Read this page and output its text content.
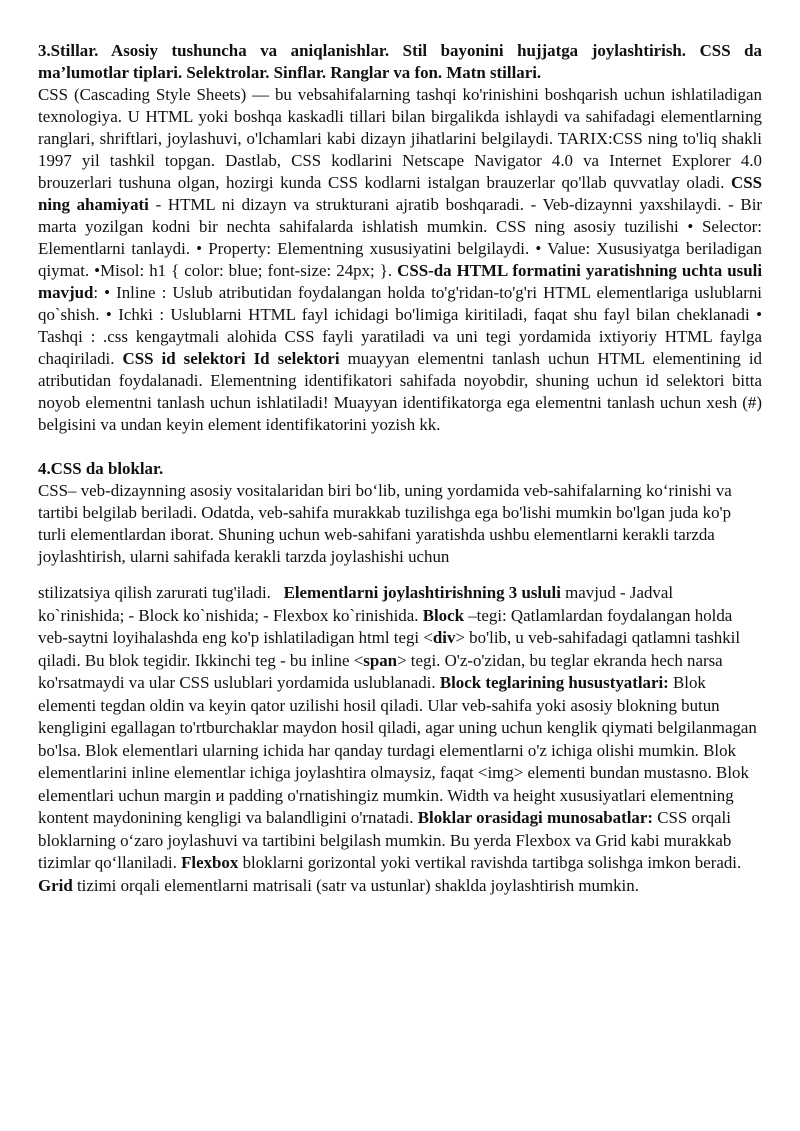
3.Stillar. Asosiy tushuncha va aniqlanishlar. Stil bayonini hujjatga joylashtirish. CSS da ma’lumotlar tiplari. Selektrolar. Sinflar. Ranglar va fon. Matn stillari.

CSS (Cascading Style Sheets) — bu vebsahifalarning tashqi ko'rinishini boshqarish uchun ishlatiladigan texnologiya. U HTML yoki boshqa kaskadli tillari bilan birgalikda ishlaydi va sahifadagi elementlarning ranglari, shriftlari, joylashuvi, o'lchamlari kabi dizayn jihatlarini belgilaydi. TARIX:CSS ning to'liq shakli 1997 yil tashkil topgan. Dastlab, CSS kodlarini Netscape Navigator 4.0 va Internet Explorer 4.0 brouzerlari tushuna olgan, hozirgi kunda CSS kodlarni istalgan brauzerlar qo'llab quvvatlay oladi. CSS ning ahamiyati - HTML ni dizayn va strukturani ajratib boshqaradi. - Veb-dizaynni yaxshilaydi. - Bir marta yozilgan kodni bir nechta sahifalarda ishlatish mumkin. CSS ning asosiy tuzilishi • Selector: Elementlarni tanlaydi. • Property: Elementning xususiyatini belgilaydi. • Value: Xususiyatga beriladigan qiymat. •Misol: h1 { color: blue; font-size: 24px; }. CSS-da HTML formatini yaratishning uchta usuli mavjud: • Inline : Uslub atributidan foydalangan holda to'g'ridan-to'g'ri HTML elementlariga uslublarni qo`shish. • Ichki : Uslublarni HTML fayl ichidagi bo'limiga kiritiladi, faqat shu fayl bilan cheklanadi • Tashqi : .css kengaytmali alohida CSS fayli yaratiladi va uni tegi yordamida ixtiyoriy HTML faylga chaqiriladi. CSS id selektori Id selektori muayyan elementni tanlash uchun HTML elementining id atributidan foydalanadi. Elementning identifikatori sahifada noyobdir, shuning uchun id selektori bitta noyob elementni tanlash uchun ishlatiladi! Muayyan identifikatorga ega elementni tanlash uchun xesh (#) belgisini va undan keyin element identifikatorini yozish kk.

4.CSS da bloklar.

CSS– veb-dizaynning asosiy vositalaridan biri bo‘lib, uning yordamida veb-sahifalarning ko‘rinishi va tartibi belgilab beriladi. Odatda, veb-sahifa murakkab tuzilishga ega bo'lishi mumkin bo'lgan juda ko'p turli elementlardan iborat. Shuning uchun web-sahifani yaratishda ushbu elementlarni kerakli tarzda joylashtirish, ularni sahifada kerakli tarzda joylashishi uchun

stilizatsiya qilish zarurati tug'iladi. Elementlarni joylashtirishning 3 usluli mavjud - Jadval ko`rinishida; - Block ko`nishida; - Flexbox ko`rinishida. Block –tegi: Qatlamlardan foydalangan holda veb-saytni loyihalashda eng ko'p ishlatiladigan html tegi <div> bo'lib, u veb-sahifadagi qatlamni tashkil qiladi. Bu blok tegidir. Ikkinchi teg - bu inline <span> tegi. O'z-o'zidan, bu teglar ekranda hech narsa ko'rsatmaydi va ular CSS uslublari yordamida uslublanadi. Block teglarining husustyatlari: Blok elementi tegdan oldin va keyin qator uzilishi hosil qiladi. Ular veb-sahifa yoki asosiy blokning butun kengligini egallagan to'rtburchaklar maydon hosil qiladi, agar uning uchun kenglik qiymati belgilanmagan bo'lsa. Blok elementlari ularning ichida har qanday turdagi elementlarni o'z ichiga olishi mumkin. Blok elementlarini inline elementlar ichiga joylashtira olmaysiz, faqat <img> elementi bundan mustasno. Blok elementlari uchun margin и padding o'rnatishingiz mumkin. Width va height xususiyatlari elementning kontent maydonining kengligi va balandligini o'rnatadi. Bloklar orasidagi munosabatlar: CSS orqali bloklarning o‘zaro joylashuvi va tartibini belgilash mumkin. Bu yerda Flexbox va Grid kabi murakkab tizimlar qo‘llaniladi. Flexbox bloklarni gorizontal yoki vertikal ravishda tartibga solishga imkon beradi. Grid tizimi orqali elementlarni matrisali (satr va ustunlar) shaklda joylashtirish mumkin.
